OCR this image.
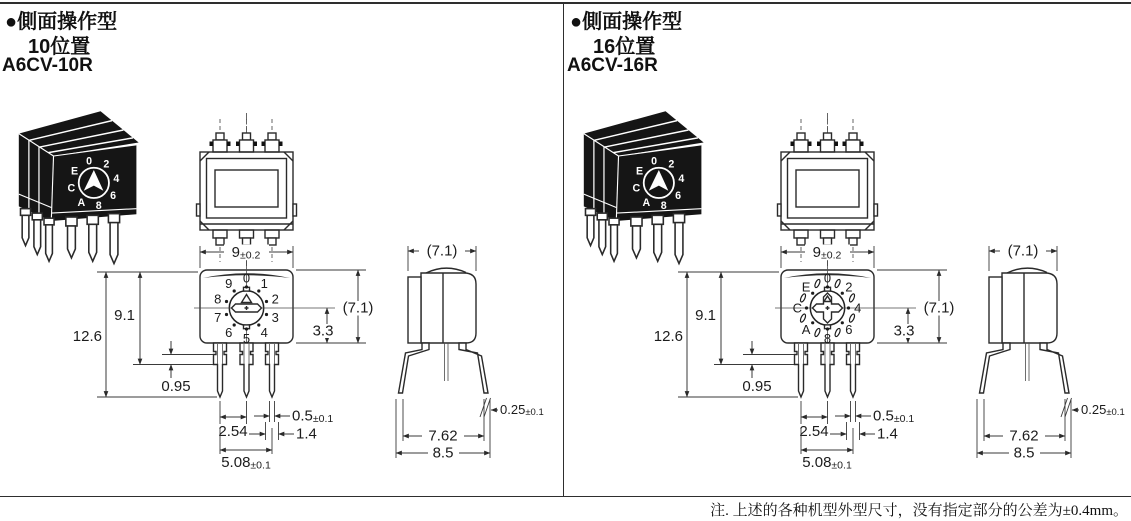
●側面操作型
10位置
A6CV-10R
0 2
4
6
8
A
C
E
0 1
2
3
4
5
6
7
8
9
9±0.2
12.6
9.1
0.95
(7.1)
3.3
2.54
0.5±0.1
1.4
5.08±0.1
(7.1)
0.25±0.1
7.62
8.5
●側面操作型
16位置
A6CV-16R
0 2
4
6
8
A
C
E
0
2
4
6
8
A
C
E
9±0.2
12.6
9.1
0.95
(7.1)
3.3
2.54
0.5±0.1
1.4
5.08±0.1
(7.1)
0.25±0.1
7.62
8.5
注. 上述的各种机型外型尺寸，没有指定部分的公差为±0.4mm。
